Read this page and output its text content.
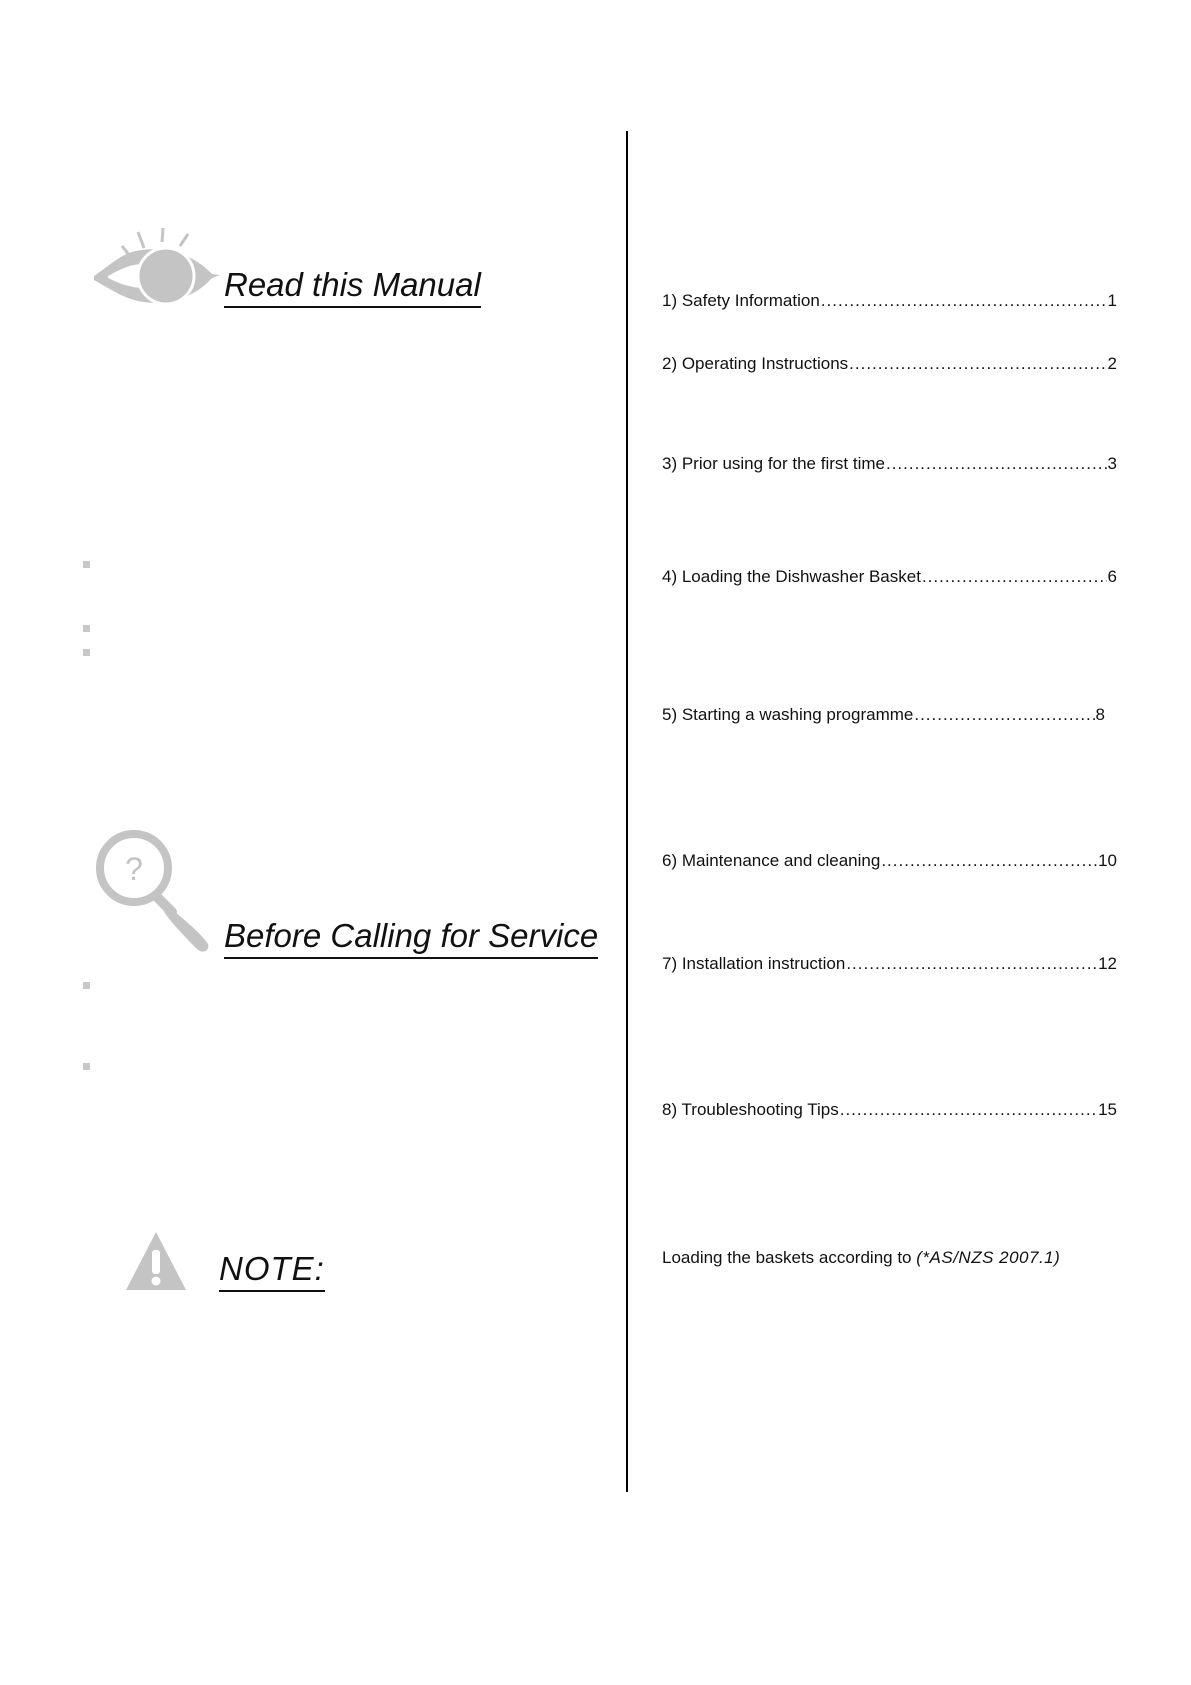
Read this Manual
?
Before Calling for Service
NOTE:
1) Safety Information .....	1
2) Operating Instructions .....	2
3) Prior using for the first time .....	3
4) Loading the Dishwasher Basket .....	6
5) Starting a washing programme .....	8
6) Maintenance and cleaning .....	10
7) Installation instruction .....	12
8) Troubleshooting Tips .....	15
Loading the baskets according to (*AS/NZS 2007.1)
